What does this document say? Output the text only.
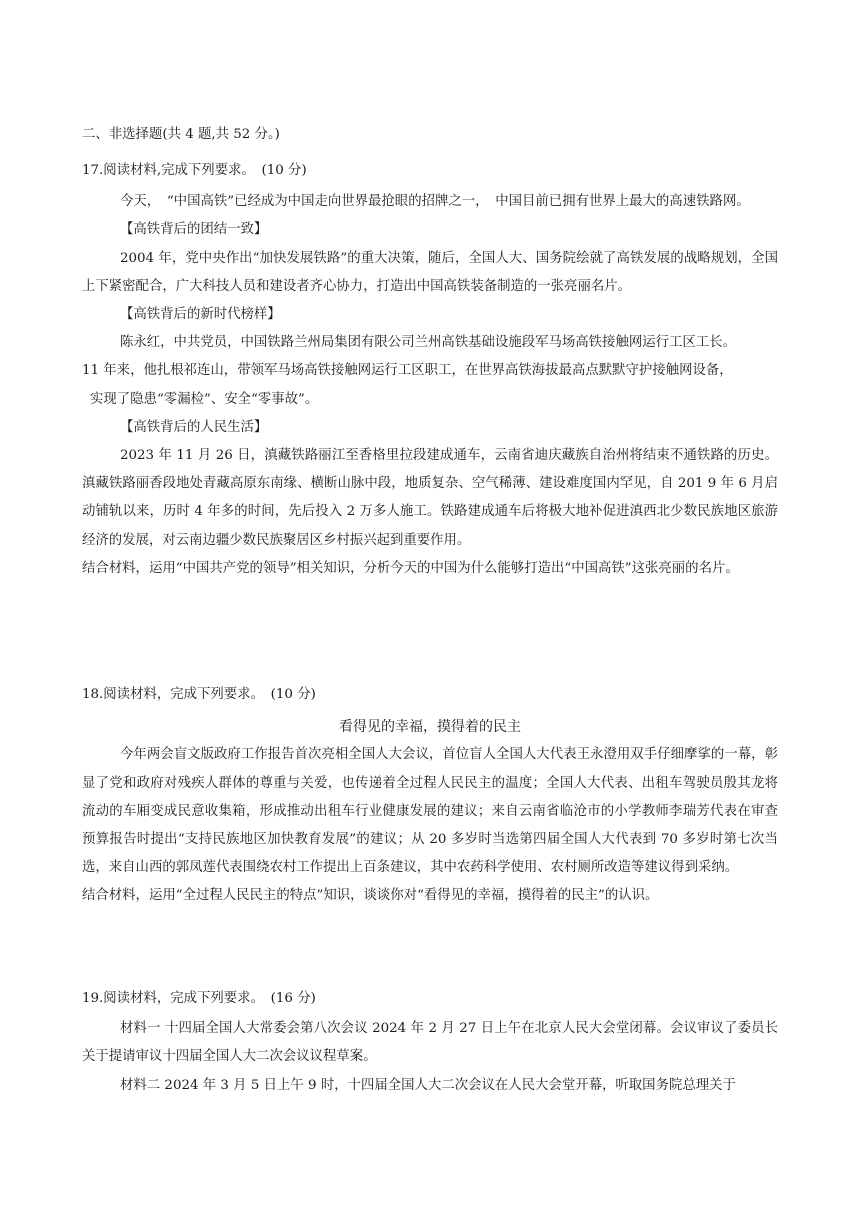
二、非选择题(共 4 题,共 52 分。)

17.阅读材料,完成下列要求。　(10 分)

今天，　“中国高铁”已经成为中国走向世界最抢眼的招牌之一，　中国目前已拥有世界上最大的高速铁路网。

【高铁背后的团结一致】

2004 年，党中央作出“加快发展铁路”的重大决策，随后，全国人大、国务院绘就了高铁发展的战略规划，全国上下紧密配合，广大科技人员和建设者齐心协力，打造出中国高铁装备制造的一张亮丽名片。

【高铁背后的新时代榜样】

陈永红，中共党员，中国铁路兰州局集团有限公司兰州高铁基础设施段军马场高铁接触网运行工区工长。

11 年来，他扎根祁连山，带领军马场高铁接触网运行工区职工，在世界高铁海拔最高点默默守护接触网设备，

实现了隐患“零漏检”、安全“零事故”。

【高铁背后的人民生活】

2023 年 11 月 26 日，滇藏铁路丽江至香格里拉段建成通车，云南省迪庆藏族自治州将结束不通铁路的历史。滇藏铁路丽香段地处青藏高原东南缘、横断山脉中段，地质复杂、空气稀薄、建设难度国内罕见，自 201 9 年 6 月启动铺轨以来，历时 4 年多的时间，先后投入 2 万多人施工。铁路建成通车后将极大地补促进滇西北少数民族地区旅游经济的发展，对云南边疆少数民族聚居区乡村振兴起到重要作用。

结合材料，运用“中国共产党的领导”相关知识，分析今天的中国为什么能够打造出“中国高铁”这张亮丽的名片。

18.阅读材料，完成下列要求。　(10 分)

看得见的幸福，摸得着的民主

今年两会盲文版政府工作报告首次亮相全国人大会议，首位盲人全国人大代表王永澄用双手仔细摩挲的一幕，彰显了党和政府对残疾人群体的尊重与关爱，也传递着全过程人民民主的温度；全国人大代表、出租车驾驶员殷其龙将流动的车厢变成民意收集箱，形成推动出租车行业健康发展的建议；来自云南省临沧市的小学教师李瑞芳代表在审查预算报告时提出“支持民族地区加快教育发展”的建议；从 20 多岁时当选第四届全国人大代表到 70 多岁时第七次当选，来自山西的郭凤莲代表围绕农村工作提出上百条建议，其中农药科学使用、农村厕所改造等建议得到采纳。

结合材料，运用“全过程人民民主的特点”知识，谈谈你对“看得见的幸福，摸得着的民主”的认识。

19.阅读材料，完成下列要求。　(16 分)

材料一 十四届全国人大常委会第八次会议 2024 年 2 月 27 日上午在北京人民大会堂闭幕。会议审议了委员长关于提请审议十四届全国人大二次会议议程草案。

材料二 2024 年 3 月 5 日上午 9 时，十四届全国人大二次会议在人民大会堂开幕，听取国务院总理关于
